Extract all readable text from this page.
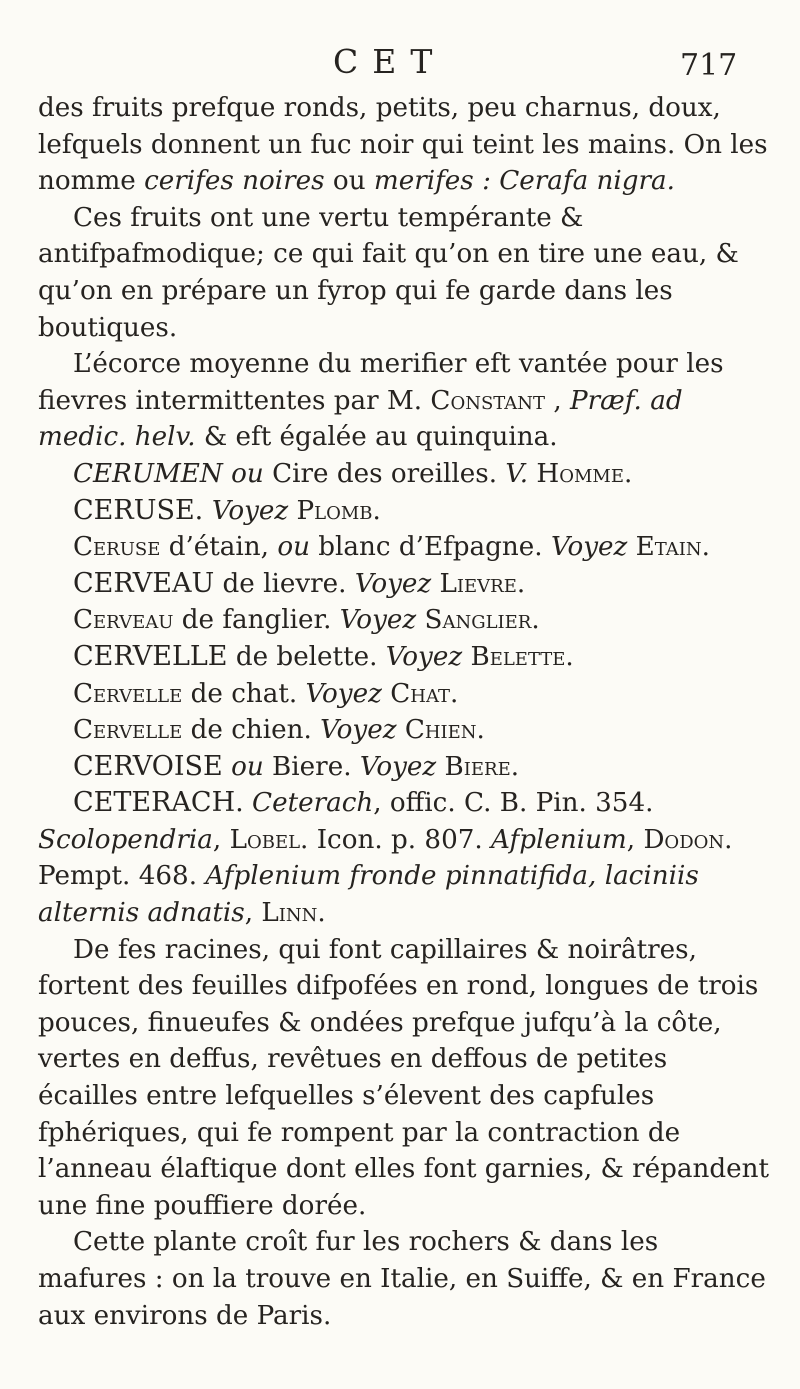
CET	717

des fruits prefque ronds, petits, peu charnus, doux, lefquels donnent un fuc noir qui teint les mains. On les nomme cerifes noires ou merifes : Cerafa nigra.

Ces fruits ont une vertu tempérante & antifpafmodique; ce qui fait qu’on en tire une eau, & qu’on en prépare un fyrop qui fe garde dans les boutiques.

L’écorce moyenne du merifier eft vantée pour les fievres intermittentes par M. Constant , Præf. ad medic. helv. & eft égalée au quinquina.

CERUMEN ou Cire des oreilles. V. Homme.

CERUSE. Voyez Plomb.

Ceruse d’étain, ou blanc d’Efpagne. Voyez Etain.

CERVEAU de lievre. Voyez Lievre.

Cerveau de fanglier. Voyez Sanglier.

CERVELLE de belette. Voyez Belette.

Cervelle de chat. Voyez Chat.

Cervelle de chien. Voyez Chien.

CERVOISE ou Biere. Voyez Biere.

CETERACH. Ceterach, offic. C. B. Pin. 354. Scolopendria, Lobel. Icon. p. 807. Afplenium, Dodon. Pempt. 468. Afplenium fronde pinnatifida, laciniis alternis adnatis, Linn.

De fes racines, qui font capillaires & noirâtres, fortent des feuilles difpofées en rond, longues de trois pouces, finueufes & ondées prefque jufqu’à la côte, vertes en deffus, revêtues en deffous de petites écailles entre lefquelles s’élevent des capfules fphériques, qui fe rompent par la contraction de l’anneau élaftique dont elles font garnies, & répandent une fine pouffiere dorée.

Cette plante croît fur les rochers & dans les mafures : on la trouve en Italie, en Suiffe, & en France aux environs de Paris.
